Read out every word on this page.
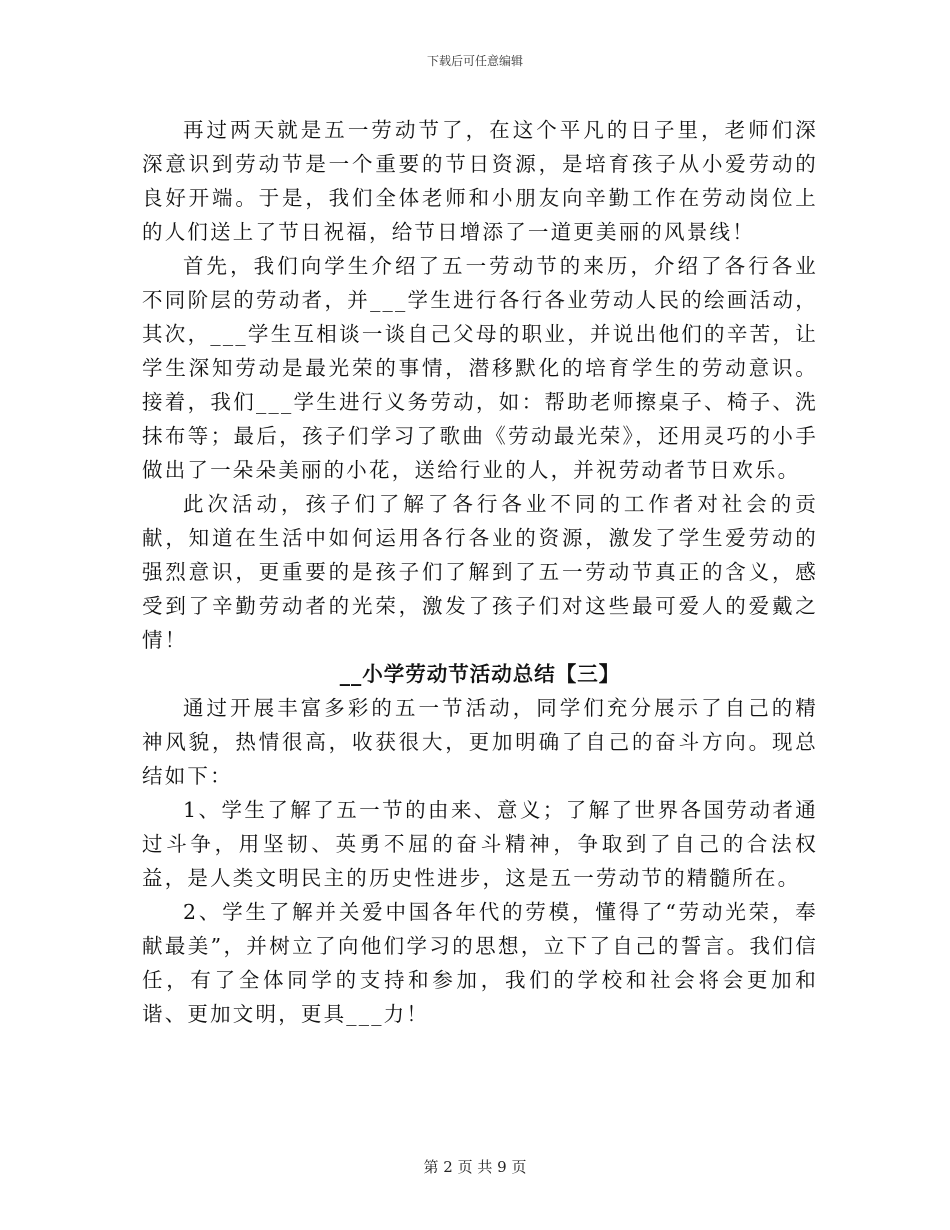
下载后可任意编辑

再过两天就是五一劳动节了，在这个平凡的日子里，老师们深深意识到劳动节是一个重要的节日资源，是培育孩子从小爱劳动的良好开端。于是，我们全体老师和小朋友向辛勤工作在劳动岗位上的人们送上了节日祝福，给节日增添了一道更美丽的风景线！

首先，我们向学生介绍了五一劳动节的来历，介绍了各行各业不同阶层的劳动者，并___学生进行各行各业劳动人民的绘画活动，其次，___学生互相谈一谈自己父母的职业，并说出他们的辛苦，让学生深知劳动是最光荣的事情，潜移默化的培育学生的劳动意识。接着，我们___学生进行义务劳动，如：帮助老师擦桌子、椅子、洗抹布等；最后，孩子们学习了歌曲《劳动最光荣》，还用灵巧的小手做出了一朵朵美丽的小花，送给行业的人，并祝劳动者节日欢乐。

此次活动，孩子们了解了各行各业不同的工作者对社会的贡献，知道在生活中如何运用各行各业的资源，激发了学生爱劳动的强烈意识，更重要的是孩子们了解到了五一劳动节真正的含义，感受到了辛勤劳动者的光荣，激发了孩子们对这些最可爱人的爱戴之情！

__小学劳动节活动总结【三】

通过开展丰富多彩的五一节活动，同学们充分展示了自己的精神风貌，热情很高，收获很大，更加明确了自己的奋斗方向。现总结如下：

1、学生了解了五一节的由来、意义；了解了世界各国劳动者通过斗争，用坚韧、英勇不屈的奋斗精神，争取到了自己的合法权益，是人类文明民主的历史性进步，这是五一劳动节的精髓所在。

2、学生了解并关爱中国各年代的劳模，懂得了“劳动光荣，奉献最美”，并树立了向他们学习的思想，立下了自己的誓言。我们信任，有了全体同学的支持和参加，我们的学校和社会将会更加和谐、更加文明，更具___力！

第 2 页 共 9 页
